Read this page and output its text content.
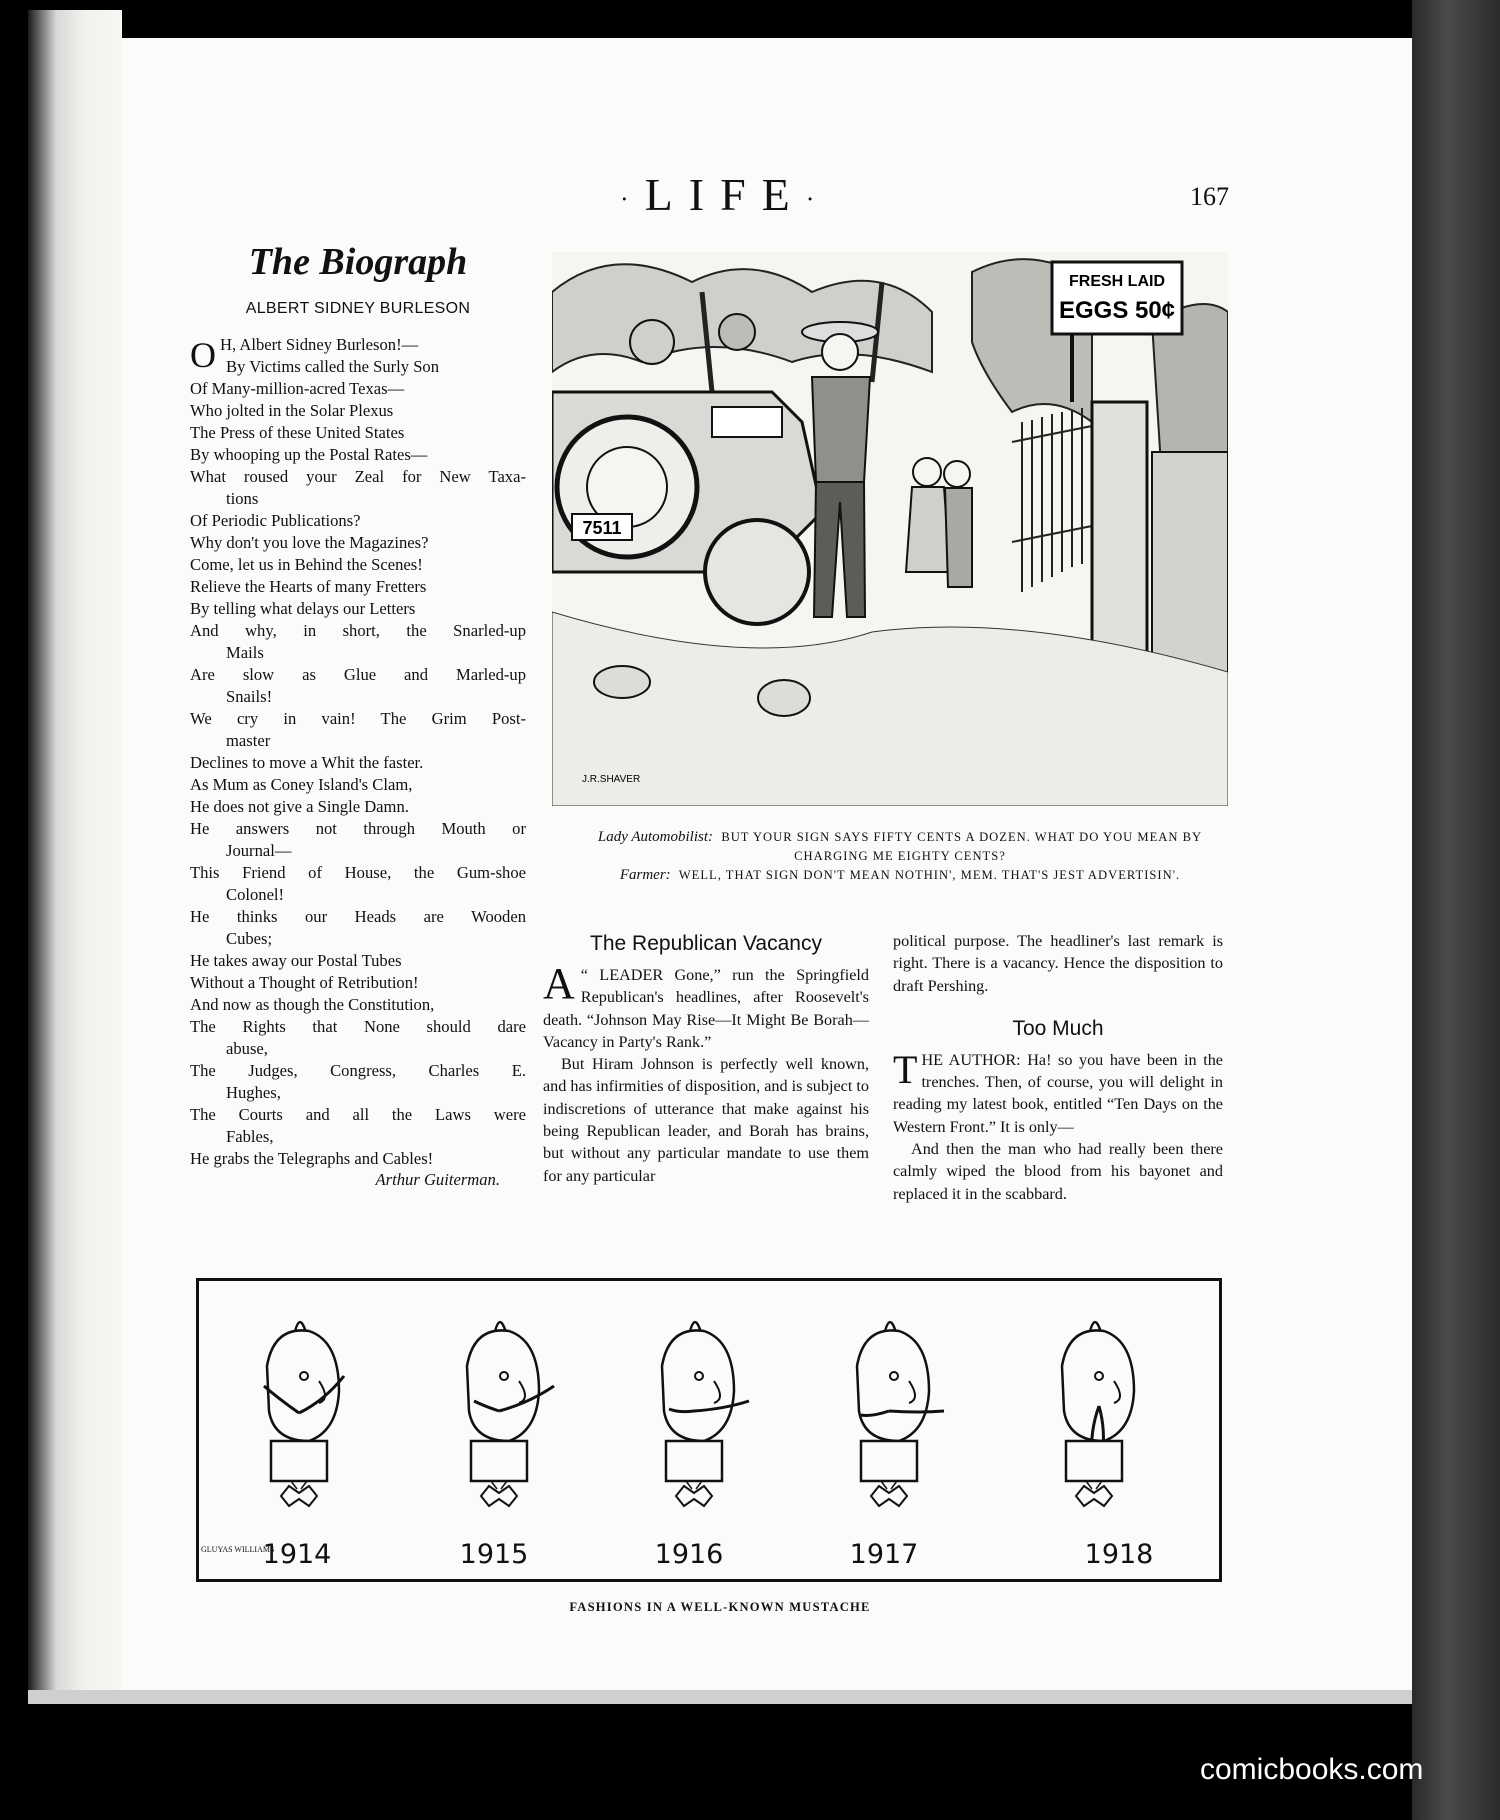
·LIFE·	167
The Biograph
ALBERT SIDNEY BURLESON
O H, Albert Sidney Burleson!—
By Victims called the Surly Son
Of Many-million-acred Texas—
Who jolted in the Solar Plexus
The Press of these United States
By whooping up the Postal Rates—
What roused your Zeal for New Taxa-
tions
Of Periodic Publications?
Why don't you love the Magazines?
Come, let us in Behind the Scenes!
Relieve the Hearts of many Fretters
By telling what delays our Letters
And why, in short, the Snarled-up
Mails
Are slow as Glue and Marled-up
Snails!
We cry in vain! The Grim Post-
master
Declines to move a Whit the faster.
As Mum as Coney Island's Clam,
He does not give a Single Damn.
He answers not through Mouth or
Journal—
This Friend of House, the Gum-shoe
Colonel!
He thinks our Heads are Wooden
Cubes;
He takes away our Postal Tubes
Without a Thought of Retribution!
And now as though the Constitution,
The Rights that None should dare
abuse,
The Judges, Congress, Charles E.
Hughes,
The Courts and all the Laws were
Fables,
He grabs the Telegraphs and Cables!
Arthur Guiterman.
FRESH LAID
EGGS 50¢
7511
J.R.SHAVER
Lady Automobilist: BUT YOUR SIGN SAYS FIFTY CENTS A DOZEN. WHAT DO YOU MEAN BY CHARGING ME EIGHTY CENTS?
Farmer: WELL, THAT SIGN DON'T MEAN NOTHIN', MEM. THAT'S JEST ADVERTISIN'.
The Republican Vacancy

A “ LEADER Gone,” run the Springfield Republican's headlines, after Roosevelt's death. “Johnson May Rise—It Might Be Borah—Vacancy in Party's Rank.”

But Hiram Johnson is perfectly well known, and has infirmities of disposition, and is subject to indiscretions of utterance that make against his being Republican leader, and Borah has brains, but without any particular mandate to use them for any particular

political purpose. The headliner's last remark is right. There is a vacancy. Hence the disposition to draft Pershing.

Too Much

THE AUTHOR: Ha! so you have been in the trenches. Then, of course, you will delight in reading my latest book, entitled “Ten Days on the Western Front.” It is only—

And then the man who had really been there calmly wiped the blood from his bayonet and replaced it in the scabbard.

GLUYAS WILLIAMS
1914	1915	1916	1917	1918
FASHIONS IN A WELL-KNOWN MUSTACHE
comicbooks.com
